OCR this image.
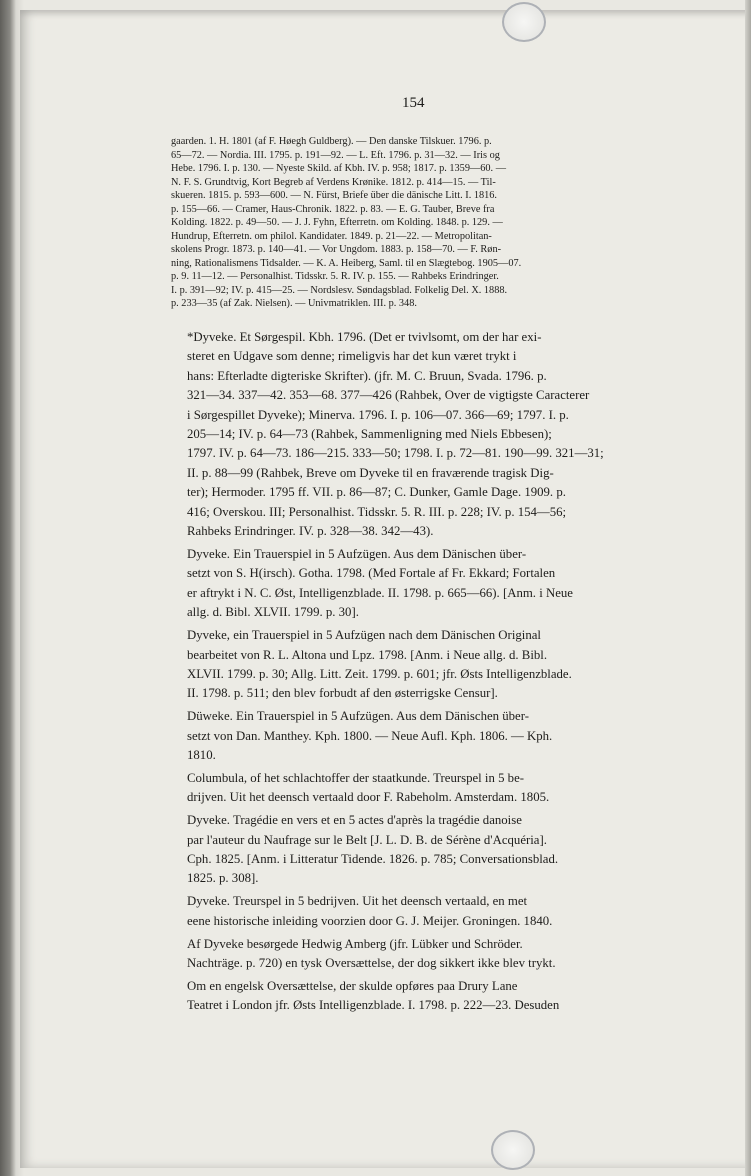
154
gaarden. 1. H. 1801 (af F. Høegh Guldberg). — Den danske Tilskuer. 1796. p.
65—72. — Nordia. III. 1795. p. 191—92. — L. Eft. 1796. p. 31—32. — Iris og
Hebe. 1796. I. p. 130. — Nyeste Skild. af Kbh. IV. p. 958; 1817. p. 1359—60. —
N. F. S. Grundtvig, Kort Begreb af Verdens Krønike. 1812. p. 414—15. — Til-
skueren. 1815. p. 593—600. — N. Fürst, Briefe über die dänische Litt. I. 1816.
p. 155—66. — Cramer, Haus-Chronik. 1822. p. 83. — E. G. Tauber, Breve fra
Kolding. 1822. p. 49—50. — J. J. Fyhn, Efterretn. om Kolding. 1848. p. 129. —
Hundrup, Efterretn. om philol. Kandidater. 1849. p. 21—22. — Metropolitan-
skolens Progr. 1873. p. 140—41. — Vor Ungdom. 1883. p. 158—70. — F. Røn-
ning, Rationalismens Tidsalder. — K. A. Heiberg, Saml. til en Slægtebog. 1905—07.
p. 9. 11—12. — Personalhist. Tidsskr. 5. R. IV. p. 155. — Rahbeks Erindringer.
I. p. 391—92; IV. p. 415—25. — Nordslesv. Søndagsblad. Folkelig Del. X. 1888.
p. 233—35 (af Zak. Nielsen). — Univmatriklen. III. p. 348.

*Dyveke. Et Sørgespil. Kbh. 1796. (Det er tvivlsomt, om der har exi-
steret en Udgave som denne; rimeligvis har det kun været trykt i
hans: Efterladte digteriske Skrifter). (jfr. M. C. Bruun, Svada. 1796. p.
321—34. 337—42. 353—68. 377—426 (Rahbek, Over de vigtigste Caracterer
i Sørgespillet Dyveke); Minerva. 1796. I. p. 106—07. 366—69; 1797. I. p.
205—14; IV. p. 64—73 (Rahbek, Sammenligning med Niels Ebbesen);
1797. IV. p. 64—73. 186—215. 333—50; 1798. I. p. 72—81. 190—99. 321—31;
II. p. 88—99 (Rahbek, Breve om Dyveke til en fraværende tragisk Dig-
ter); Hermoder. 1795 ff. VII. p. 86—87; C. Dunker, Gamle Dage. 1909. p.
416; Overskou. III; Personalhist. Tidsskr. 5. R. III. p. 228; IV. p. 154—56;
Rahbeks Erindringer. IV. p. 328—38. 342—43).

Dyveke. Ein Trauerspiel in 5 Aufzügen. Aus dem Dänischen über-
setzt von S. H(irsch). Gotha. 1798. (Med Fortale af Fr. Ekkard; Fortalen
er aftrykt i N. C. Øst, Intelligenzblade. II. 1798. p. 665—66). [Anm. i Neue
allg. d. Bibl. XLVII. 1799. p. 30].

Dyveke, ein Trauerspiel in 5 Aufzügen nach dem Dänischen Original
bearbeitet von R. L. Altona und Lpz. 1798. [Anm. i Neue allg. d. Bibl.
XLVII. 1799. p. 30; Allg. Litt. Zeit. 1799. p. 601; jfr. Østs Intelligenzblade.
II. 1798. p. 511; den blev forbudt af den østerrigske Censur].

Düweke. Ein Trauerspiel in 5 Aufzügen. Aus dem Dänischen über-
setzt von Dan. Manthey. Kph. 1800. — Neue Aufl. Kph. 1806. — Kph.
1810.

Columbula, of het schlachtoffer der staatkunde. Treurspel in 5 be-
drijven. Uit het deensch vertaald door F. Rabeholm. Amsterdam. 1805.

Dyveke. Tragédie en vers et en 5 actes d'après la tragédie danoise
par l'auteur du Naufrage sur le Belt [J. L. D. B. de Sérène d'Acquéria].
Cph. 1825. [Anm. i Litteratur Tidende. 1826. p. 785; Conversationsblad.
1825. p. 308].

Dyveke. Treurspel in 5 bedrijven. Uit het deensch vertaald, en met
eene historische inleiding voorzien door G. J. Meijer. Groningen. 1840.

Af Dyveke besørgede Hedwig Amberg (jfr. Lübker und Schröder.
Nachträge. p. 720) en tysk Oversættelse, der dog sikkert ikke blev trykt.

Om en engelsk Oversættelse, der skulde opføres paa Drury Lane
Teatret i London jfr. Østs Intelligenzblade. I. 1798. p. 222—23. Desuden
